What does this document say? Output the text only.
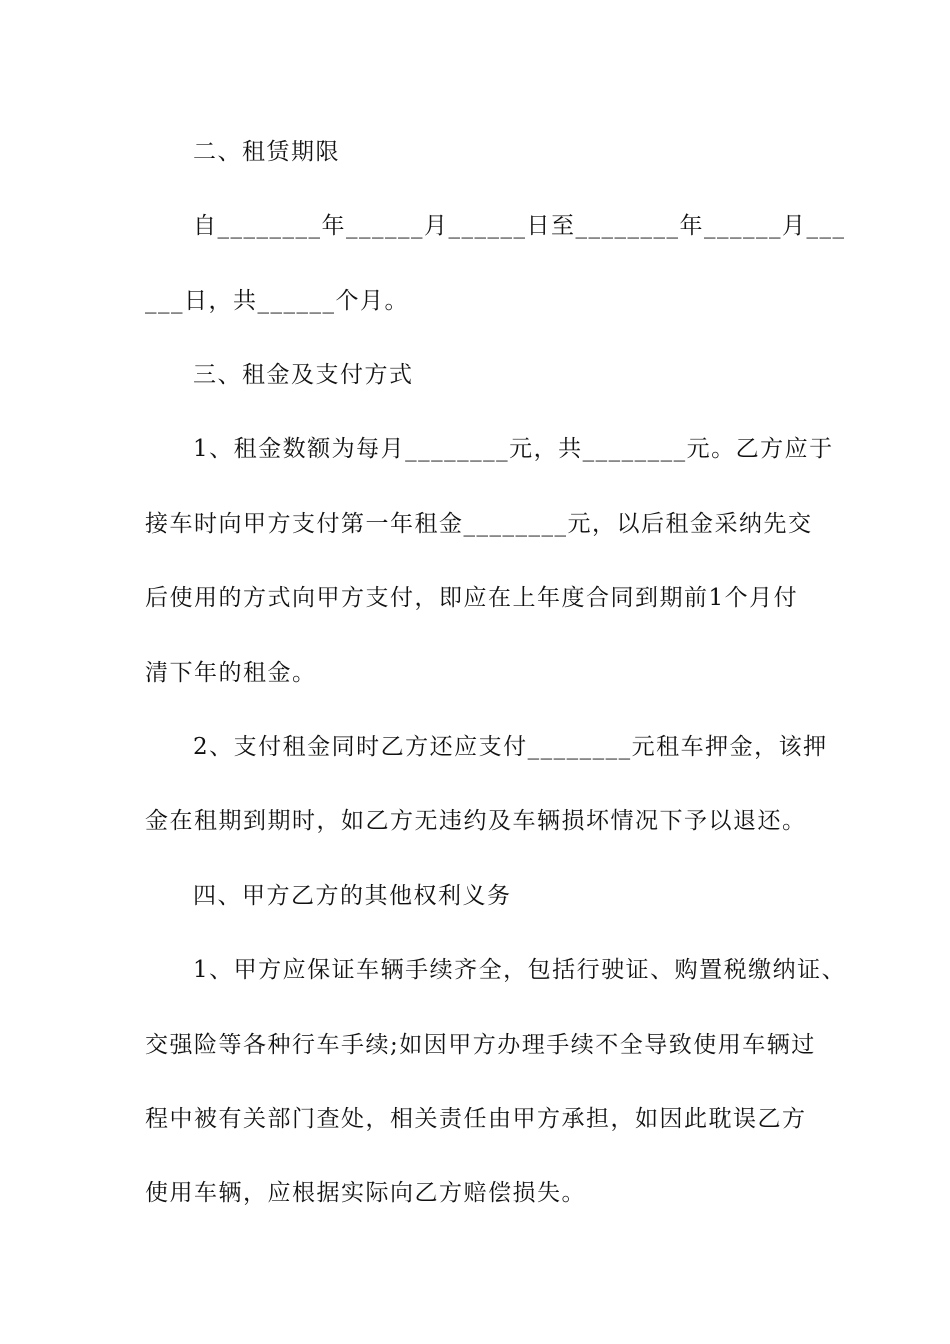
二、租赁期限
自________年______月______日至________年______月___
___日，共______个月。
三、租金及支付方式
1、租金数额为每月________元，共________元。乙方应于
接车时向甲方支付第一年租金________元，以后租金采纳先交
后使用的方式向甲方支付，即应在上年度合同到期前1个月付
清下年的租金。
2、支付租金同时乙方还应支付________元租车押金，该押
金在租期到期时，如乙方无违约及车辆损坏情况下予以退还。
四、甲方乙方的其他权利义务
1、甲方应保证车辆手续齐全，包括行驶证、购置税缴纳证、
交强险等各种行车手续;如因甲方办理手续不全导致使用车辆过
程中被有关部门查处，相关责任由甲方承担，如因此耽误乙方
使用车辆，应根据实际向乙方赔偿损失。
